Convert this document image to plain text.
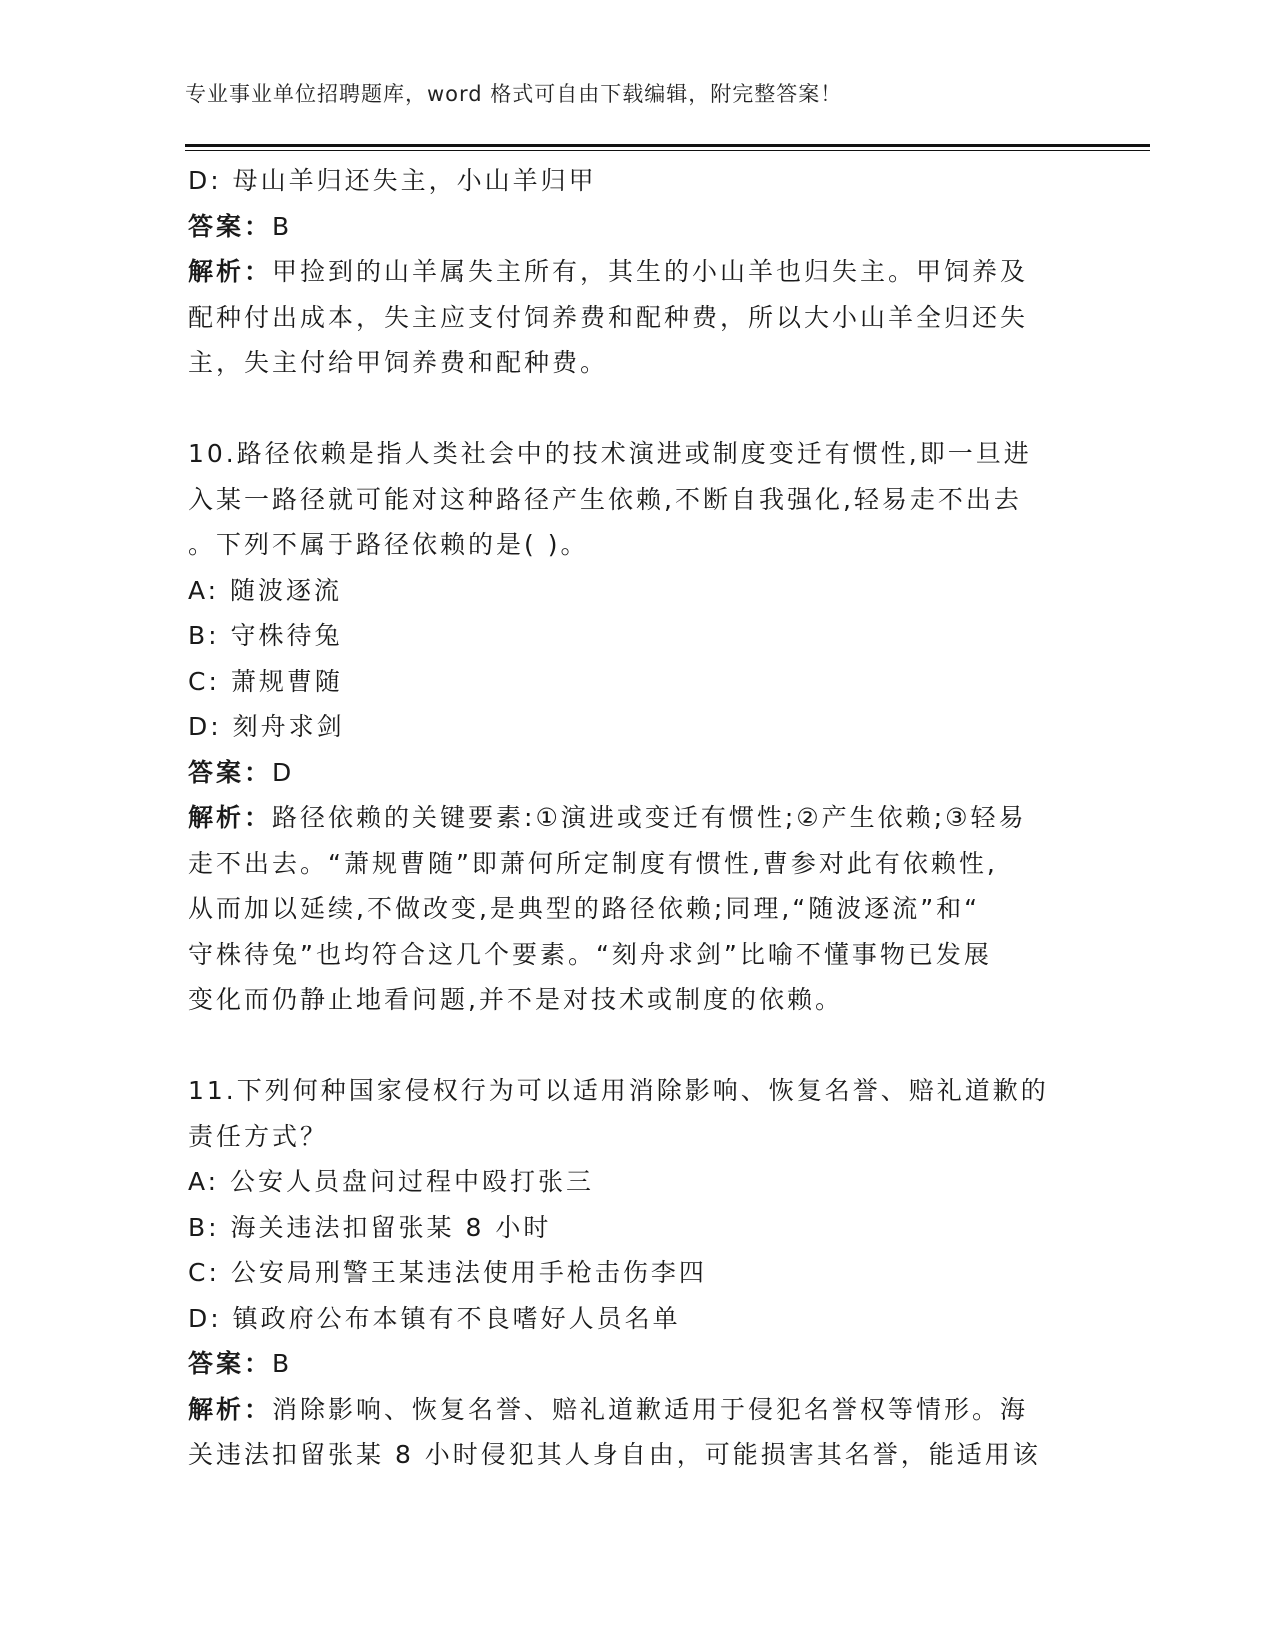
专业事业单位招聘题库，word 格式可自由下载编辑，附完整答案！
D: 母山羊归还失主，小山羊归甲
答案：B
解析：甲捡到的山羊属失主所有，其生的小山羊也归失主。甲饲养及
配种付出成本，失主应支付饲养费和配种费，所以大小山羊全归还失
主，失主付给甲饲养费和配种费。
10.路径依赖是指人类社会中的技术演进或制度变迁有惯性,即一旦进
入某一路径就可能对这种路径产生依赖,不断自我强化,轻易走不出去
。下列不属于路径依赖的是( )。
A: 随波逐流
B: 守株待兔
C: 萧规曹随
D: 刻舟求剑
答案：D
解析：路径依赖的关键要素:①演进或变迁有惯性;②产生依赖;③轻易
走不出去。“萧规曹随”即萧何所定制度有惯性,曹参对此有依赖性,
从而加以延续,不做改变,是典型的路径依赖;同理,“随波逐流”和“
守株待兔”也均符合这几个要素。“刻舟求剑”比喻不懂事物已发展
变化而仍静止地看问题,并不是对技术或制度的依赖。
11.下列何种国家侵权行为可以适用消除影响、恢复名誉、赔礼道歉的
责任方式？
A: 公安人员盘问过程中殴打张三
B: 海关违法扣留张某 8 小时
C: 公安局刑警王某违法使用手枪击伤李四
D: 镇政府公布本镇有不良嗜好人员名单
答案：B
解析：消除影响、恢复名誉、赔礼道歉适用于侵犯名誉权等情形。海
关违法扣留张某 8 小时侵犯其人身自由，可能损害其名誉，能适用该
